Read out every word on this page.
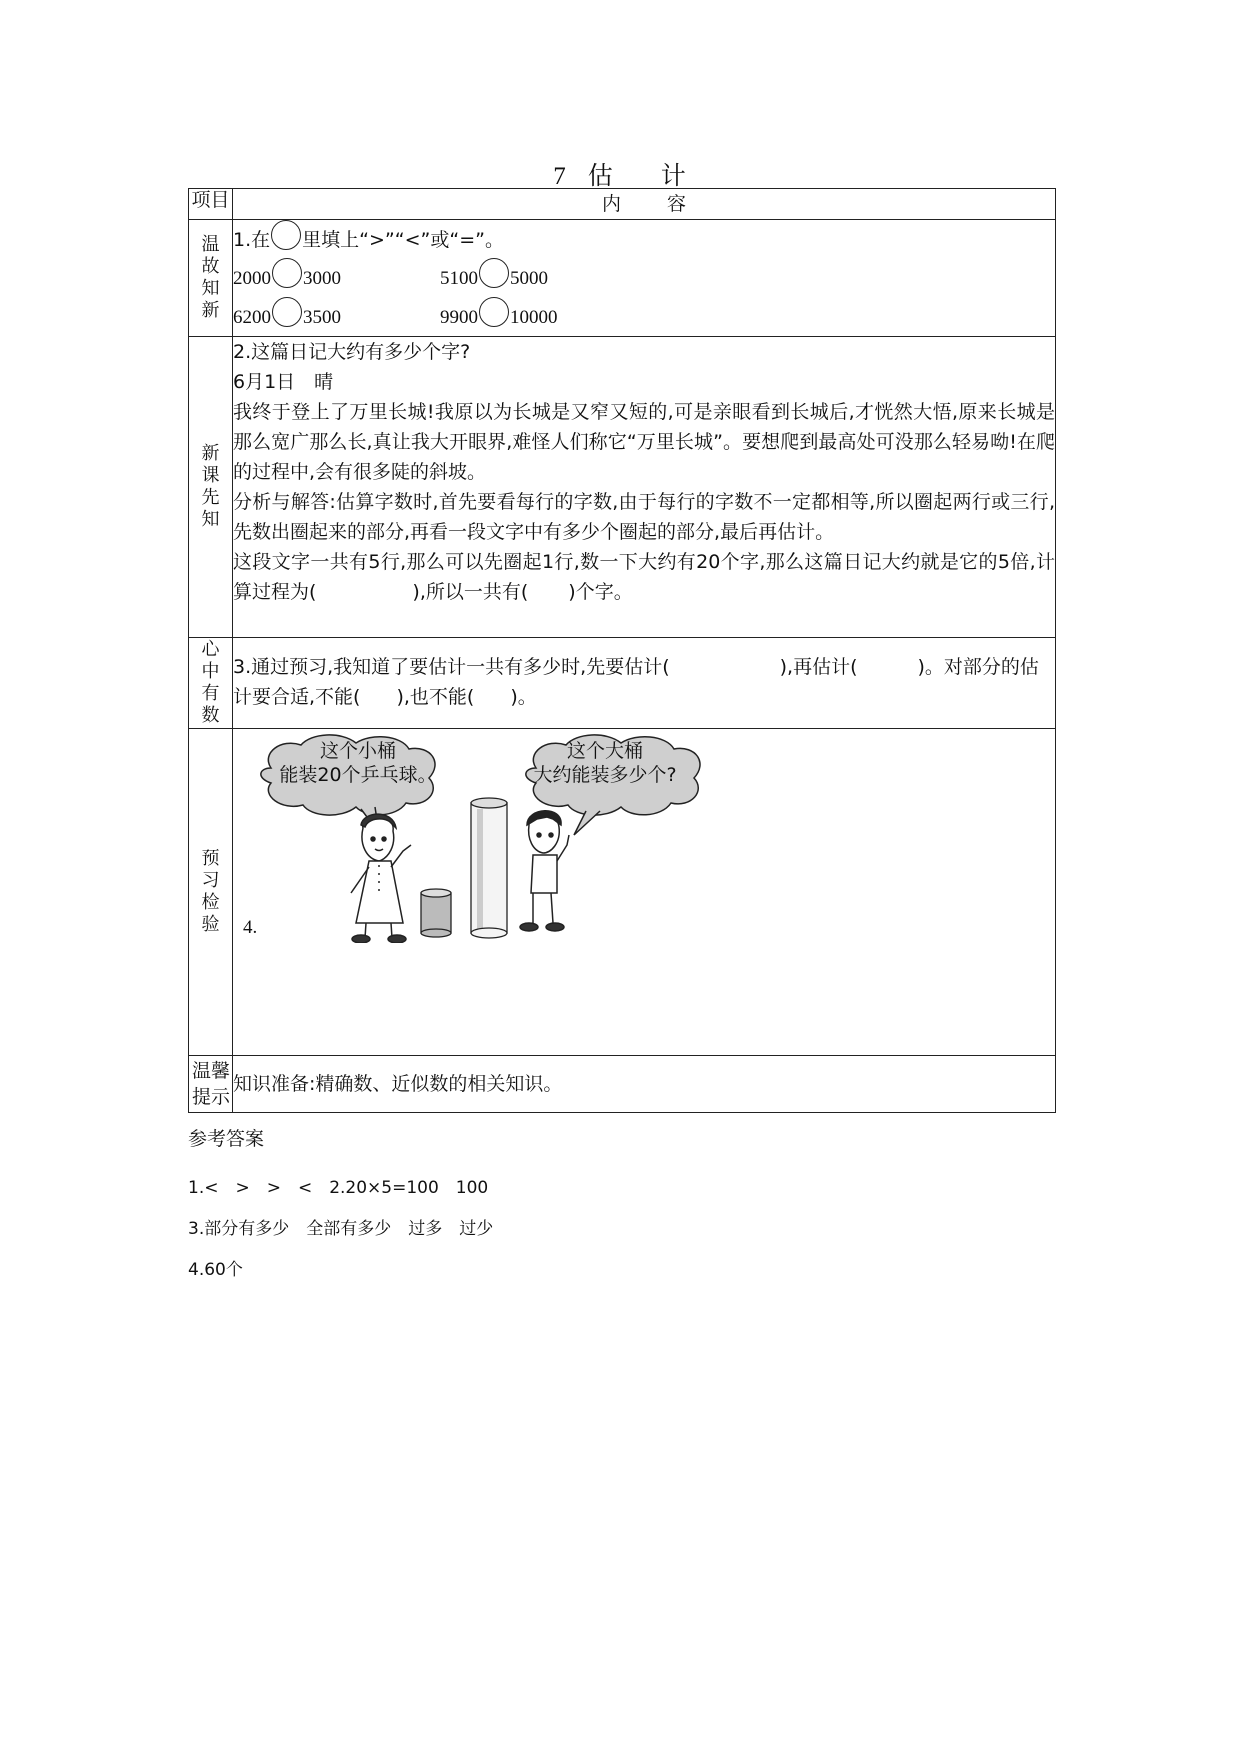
7 估 计
项目	内容

温故知新	1.在 里填上“>”“<”或“=”。
2000 3000 5100 5000
6200 3500 9900 10000

新课先知	2.这篇日记大约有多少个字?
6月1日　晴
我终于登上了万里长城!我原以为长城是又窄又短的,可是亲眼看到长城后,才恍然大悟,原来长城是那么宽广那么长,真让我大开眼界,难怪人们称它“万里长城”。要想爬到最高处可没那么轻易呦!在爬的过程中,会有很多陡的斜坡。
分析与解答:估算字数时,首先要看每行的字数,由于每行的字数不一定都相等,所以圈起两行或三行,先数出圈起来的部分,再看一段文字中有多少个圈起的部分,最后再估计。
这段文字一共有5行,那么可以先圈起1行,数一下大约有20个字,那么这篇日记大约就是它的5倍,计算过程为( ),所以一共有( )个字。

心中有数	3.通过预习,我知道了要估计一共有多少时,先要估计( ),再估计( )。对部分的估计要合适,不能( ),也不能( )。

预习检验	这个小桶
能装20个乒乓球。
这个大桶
大约能装多少个?
4.

温馨提示	知识准备:精确数、近似数的相关知识。
参考答案
1.<　>　>　<　2.20×5=100　100
3.部分有多少　全部有多少　过多　过少
4.60个
